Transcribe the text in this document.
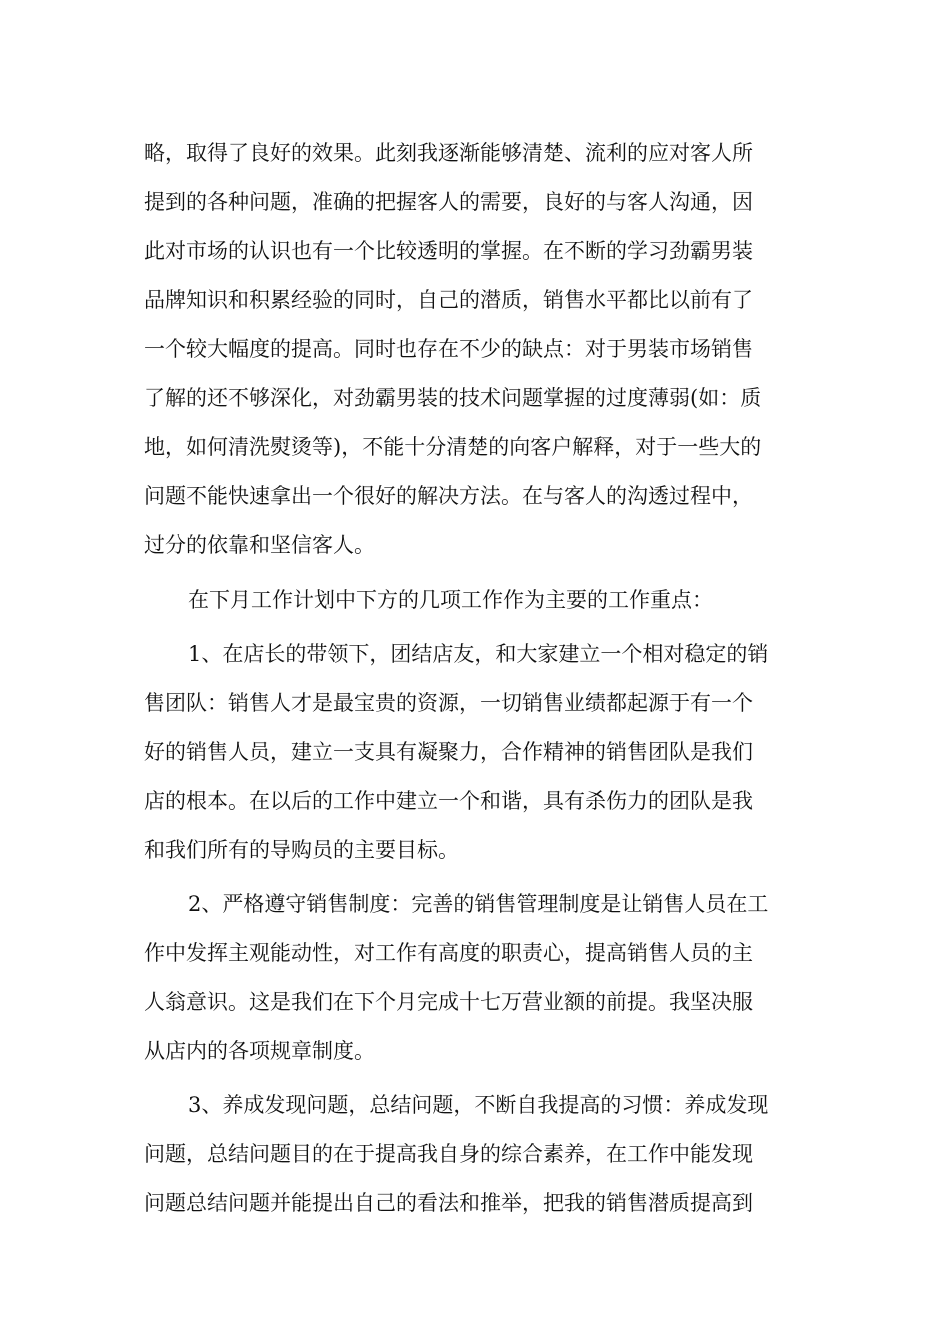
略，取得了良好的效果。此刻我逐渐能够清楚、流利的应对客人所
提到的各种问题，准确的把握客人的需要，良好的与客人沟通，因
此对市场的认识也有一个比较透明的掌握。在不断的学习劲霸男装
品牌知识和积累经验的同时，自己的潜质，销售水平都比以前有了
一个较大幅度的提高。同时也存在不少的缺点：对于男装市场销售
了解的还不够深化，对劲霸男装的技术问题掌握的过度薄弱(如：质
地，如何清洗熨烫等)，不能十分清楚的向客户解释，对于一些大的
问题不能快速拿出一个很好的解决方法。在与客人的沟透过程中，
过分的依靠和坚信客人。
在下月工作计划中下方的几项工作作为主要的工作重点：
1、在店长的带领下，团结店友，和大家建立一个相对稳定的销
售团队：销售人才是最宝贵的资源，一切销售业绩都起源于有一个
好的销售人员，建立一支具有凝聚力，合作精神的销售团队是我们
店的根本。在以后的工作中建立一个和谐，具有杀伤力的团队是我
和我们所有的导购员的主要目标。
2、严格遵守销售制度：完善的销售管理制度是让销售人员在工
作中发挥主观能动性，对工作有高度的职责心，提高销售人员的主
人翁意识。这是我们在下个月完成十七万营业额的前提。我坚决服
从店内的各项规章制度。
3、养成发现问题，总结问题，不断自我提高的习惯：养成发现
问题，总结问题目的在于提高我自身的综合素养，在工作中能发现
问题总结问题并能提出自己的看法和推举，把我的销售潜质提高到
